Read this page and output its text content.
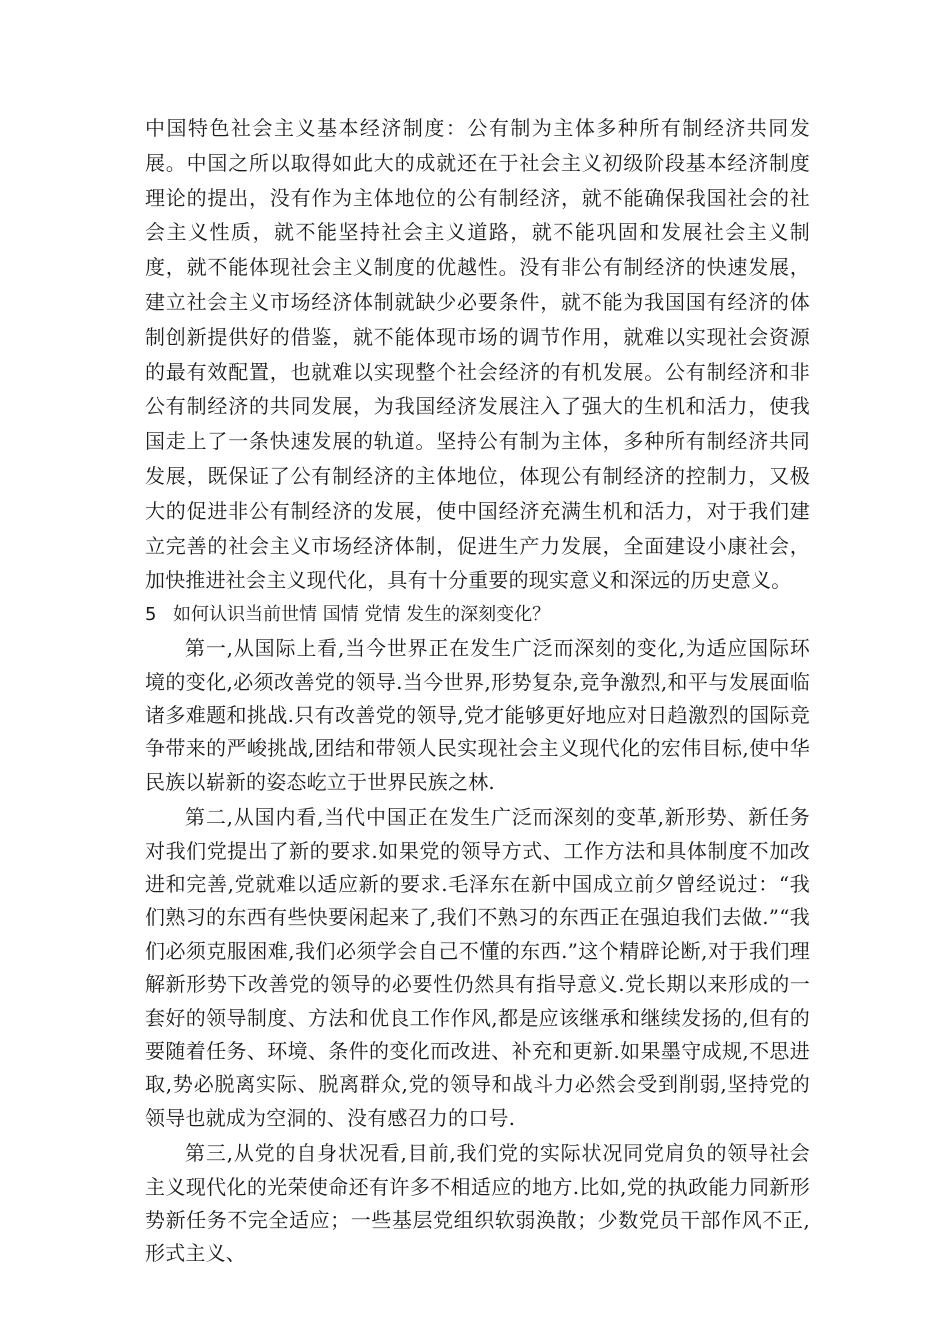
中国特色社会主义基本经济制度：公有制为主体多种所有制经济共同发展。中国之所以取得如此大的成就还在于社会主义初级阶段基本经济制度理论的提出，没有作为主体地位的公有制经济，就不能确保我国社会的社会主义性质，就不能坚持社会主义道路，就不能巩固和发展社会主义制度，就不能体现社会主义制度的优越性。没有非公有制经济的快速发展，建立社会主义市场经济体制就缺少必要条件，就不能为我国国有经济的体制创新提供好的借鉴，就不能体现市场的调节作用，就难以实现社会资源的最有效配置，也就难以实现整个社会经济的有机发展。公有制经济和非公有制经济的共同发展，为我国经济发展注入了强大的生机和活力，使我国走上了一条快速发展的轨道。坚持公有制为主体，多种所有制经济共同发展，既保证了公有制经济的主体地位，体现公有制经济的控制力，又极大的促进非公有制经济的发展，使中国经济充满生机和活力，对于我们建立完善的社会主义市场经济体制，促进生产力发展，全面建设小康社会，加快推进社会主义现代化，具有十分重要的现实意义和深远的历史意义。

5 如何认识当前世情 国情 党情 发生的深刻变化？

第一,从国际上看,当今世界正在发生广泛而深刻的变化,为适应国际环境的变化,必须改善党的领导.当今世界,形势复杂,竞争激烈,和平与发展面临诸多难题和挑战.只有改善党的领导,党才能够更好地应对日趋激烈的国际竞争带来的严峻挑战,团结和带领人民实现社会主义现代化的宏伟目标,使中华民族以崭新的姿态屹立于世界民族之林.

第二,从国内看,当代中国正在发生广泛而深刻的变革,新形势、新任务对我们党提出了新的要求.如果党的领导方式、工作方法和具体制度不加改进和完善,党就难以适应新的要求.毛泽东在新中国成立前夕曾经说过：“我们熟习的东西有些快要闲起来了,我们不熟习的东西正在强迫我们去做.”“我们必须克服困难,我们必须学会自己不懂的东西.”这个精辟论断,对于我们理解新形势下改善党的领导的必要性仍然具有指导意义.党长期以来形成的一套好的领导制度、方法和优良工作作风,都是应该继承和继续发扬的,但有的要随着任务、环境、条件的变化而改进、补充和更新.如果墨守成规,不思进取,势必脱离实际、脱离群众,党的领导和战斗力必然会受到削弱,坚持党的领导也就成为空洞的、没有感召力的口号.

第三,从党的自身状况看,目前,我们党的实际状况同党肩负的领导社会主义现代化的光荣使命还有许多不相适应的地方.比如,党的执政能力同新形势新任务不完全适应；一些基层党组织软弱涣散；少数党员干部作风不正,形式主义、
